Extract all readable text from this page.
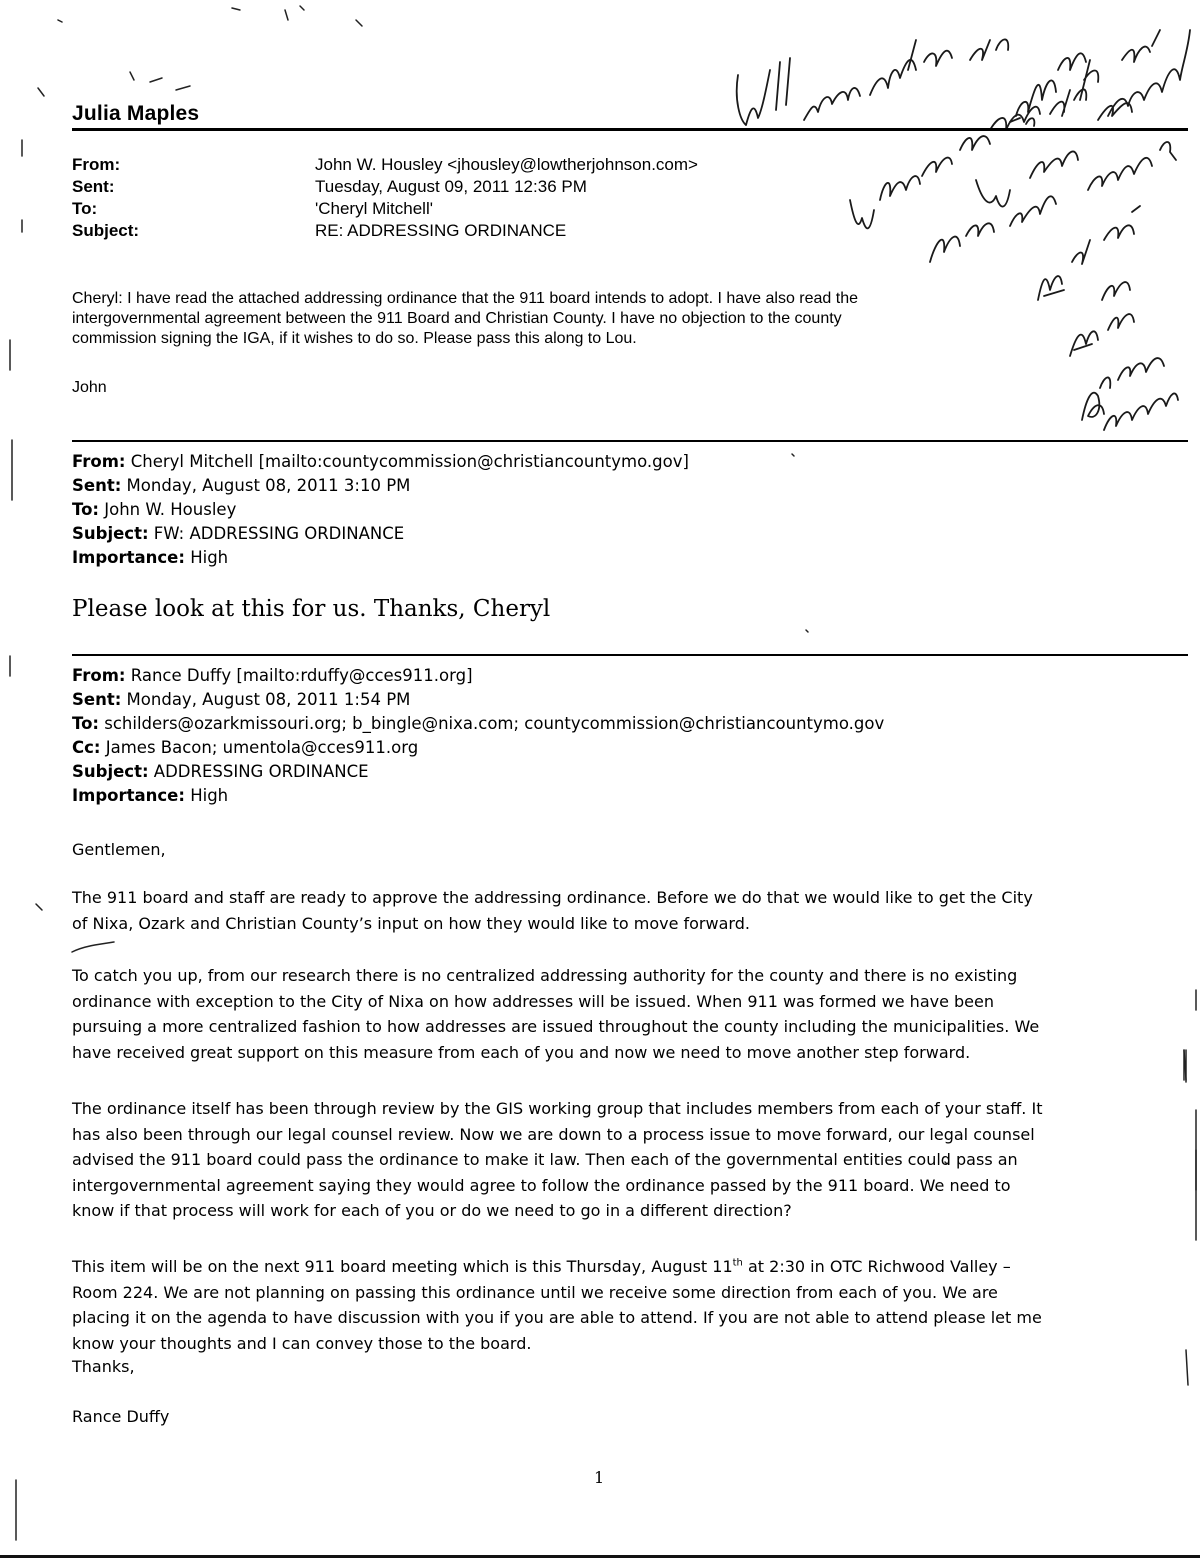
Julia Maples
From:	John W. Housley <jhousley@lowtherjohnson.com>
Sent:	Tuesday, August 09, 2011 12:36 PM
To:	'Cheryl Mitchell'
Subject:	RE: ADDRESSING ORDINANCE
Cheryl: I have read the attached addressing ordinance that the 911 board intends to adopt. I have also read the
intergovernmental agreement between the 911 Board and Christian County. I have no objection to the county
commission signing the IGA, if it wishes to do so. Please pass this along to Lou.
John
From: Cheryl Mitchell [mailto:countycommission@christiancountymo.gov]
Sent: Monday, August 08, 2011 3:10 PM
To: John W. Housley
Subject: FW: ADDRESSING ORDINANCE
Importance: High
Please look at this for us. Thanks, Cheryl
From: Rance Duffy [mailto:rduffy@cces911.org]
Sent: Monday, August 08, 2011 1:54 PM
To: schilders@ozarkmissouri.org; b_bingle@nixa.com; countycommission@christiancountymo.gov
Cc: James Bacon; umentola@cces911.org
Subject: ADDRESSING ORDINANCE
Importance: High
Gentlemen,
The 911 board and staff are ready to approve the addressing ordinance. Before we do that we would like to get the City
of Nixa, Ozark and Christian County’s input on how they would like to move forward.
To catch you up, from our research there is no centralized addressing authority for the county and there is no existing
ordinance with exception to the City of Nixa on how addresses will be issued. When 911 was formed we have been
pursuing a more centralized fashion to how addresses are issued throughout the county including the municipalities. We
have received great support on this measure from each of you and now we need to move another step forward.
The ordinance itself has been through review by the GIS working group that includes members from each of your staff. It
has also been through our legal counsel review. Now we are down to a process issue to move forward, our legal counsel
advised the 911 board could pass the ordinance to make it law. Then each of the governmental entities could pass an
intergovernmental agreement saying they would agree to follow the ordinance passed by the 911 board. We need to
know if that process will work for each of you or do we need to go in a different direction?
This item will be on the next 911 board meeting which is this Thursday, August 11th at 2:30 in OTC Richwood Valley –
Room 224. We are not planning on passing this ordinance until we receive some direction from each of you. We are
placing it on the agenda to have discussion with you if you are able to attend. If you are not able to attend please let me
know your thoughts and I can convey those to the board.
Thanks,
Rance Duffy
1
